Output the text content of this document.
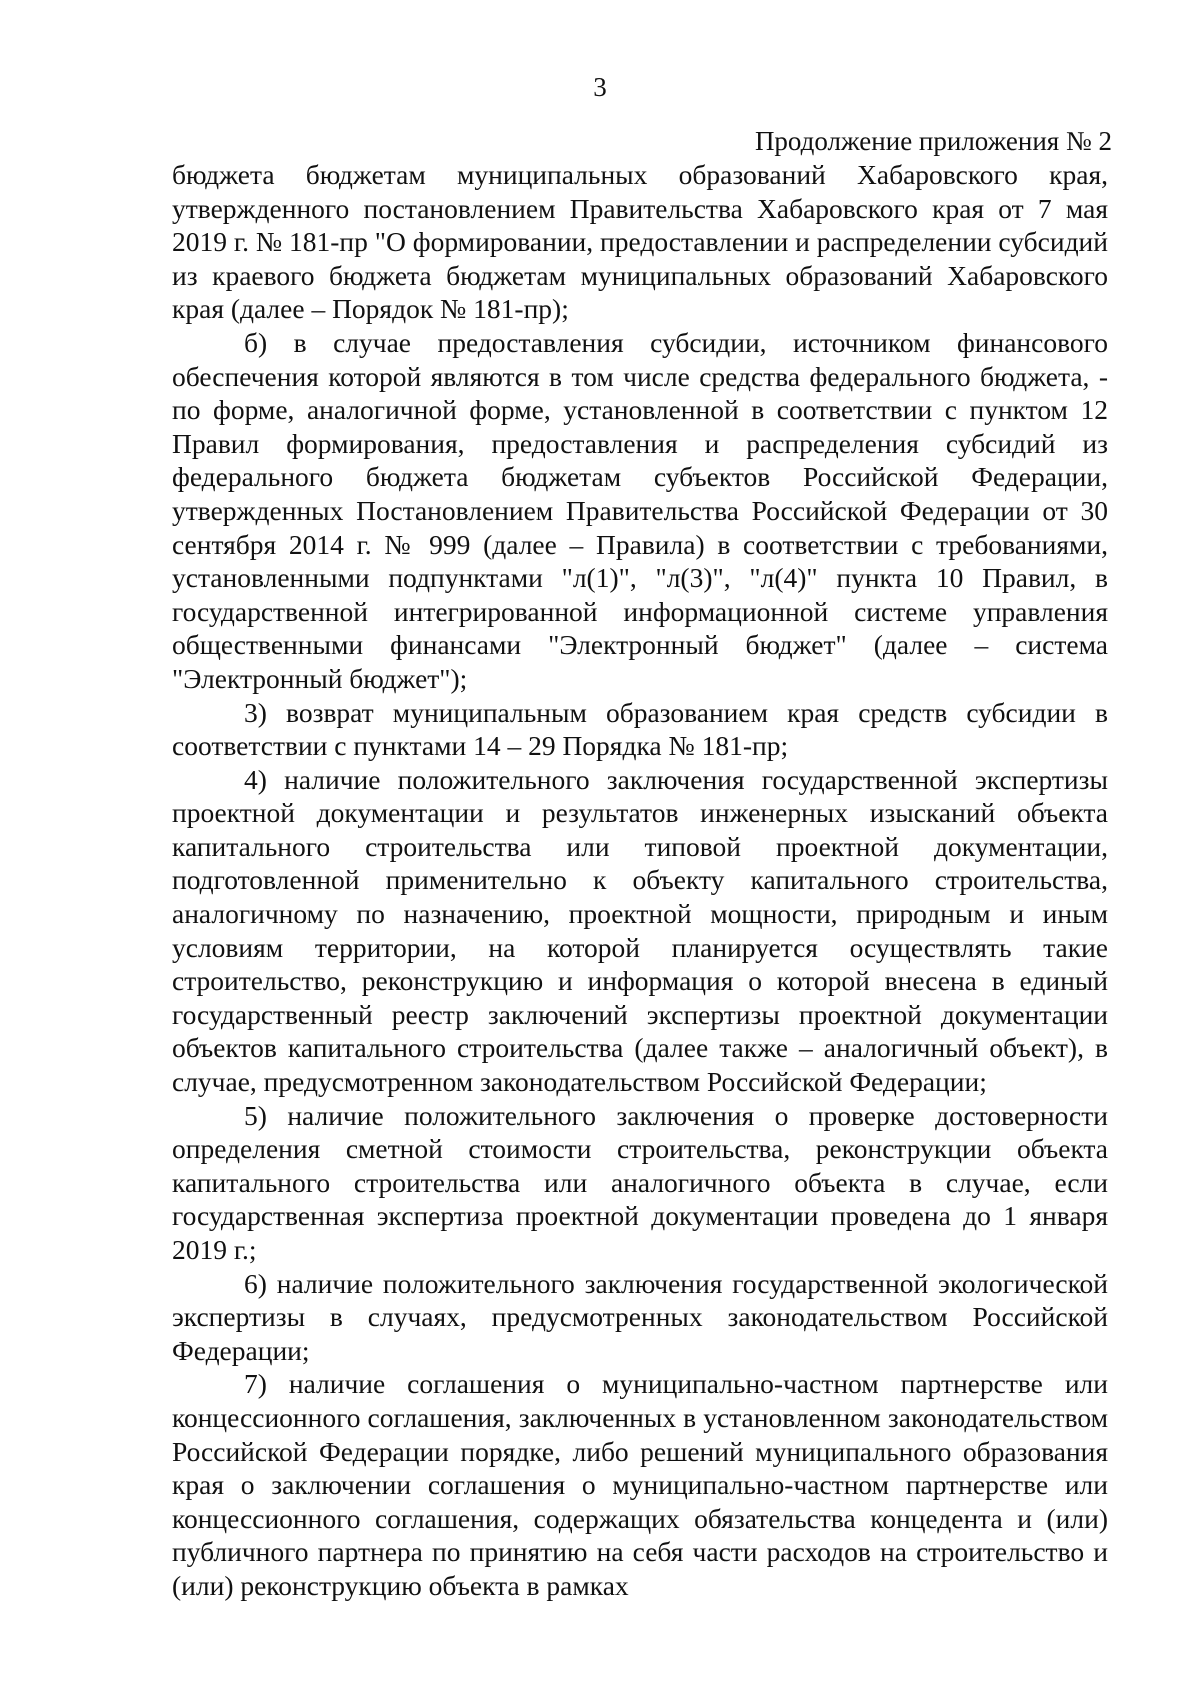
3
Продолжение приложения № 2

бюджета бюджетам муниципальных образований Хабаровского края, утвержденного постановлением Правительства Хабаровского края от 7 мая 2019 г. № 181-пр "О формировании, предоставлении и распределении субсидий из краевого бюджета бюджетам муниципальных образований Хабаровского края (далее – Порядок № 181-пр);

б) в случае предоставления субсидии, источником финансового обеспечения которой являются в том числе средства федерального бюджета, - по форме, аналогичной форме, установленной в соответствии с пунктом 12 Правил формирования, предоставления и распределения субсидий из федерального бюджета бюджетам субъектов Российской Федерации, утвержденных Постановлением Правительства Российской Федерации от 30 сентября 2014 г. № 999 (далее – Правила) в соответствии с требованиями, установленными подпунктами "л(1)", "л(3)", "л(4)" пункта 10 Правил, в государственной интегрированной информационной системе управления общественными финансами "Электронный бюджет" (далее – система "Электронный бюджет");

3) возврат муниципальным образованием края средств субсидии в соответствии с пунктами 14 – 29 Порядка № 181-пр;

4) наличие положительного заключения государственной экспертизы проектной документации и результатов инженерных изысканий объекта капитального строительства или типовой проектной документации, подготовленной применительно к объекту капитального строительства, аналогичному по назначению, проектной мощности, природным и иным условиям территории, на которой планируется осуществлять такие строительство, реконструкцию и информация о которой внесена в единый государственный реестр заключений экспертизы проектной документации объектов капитального строительства (далее также – аналогичный объект), в случае, предусмотренном законодательством Российской Федерации;

5) наличие положительного заключения о проверке достоверности определения сметной стоимости строительства, реконструкции объекта капитального строительства или аналогичного объекта в случае, если государственная экспертиза проектной документации проведена до 1 января 2019 г.;

6) наличие положительного заключения государственной экологической экспертизы в случаях, предусмотренных законодательством Российской Федерации;

7) наличие соглашения о муниципально-частном партнерстве или концессионного соглашения, заключенных в установленном законодательством Российской Федерации порядке, либо решений муниципального образования края о заключении соглашения о муниципально-частном партнерстве или концессионного соглашения, содержащих обязательства концедента и (или) публичного партнера по принятию на себя части расходов на строительство и (или) реконструкцию объекта в рамках
